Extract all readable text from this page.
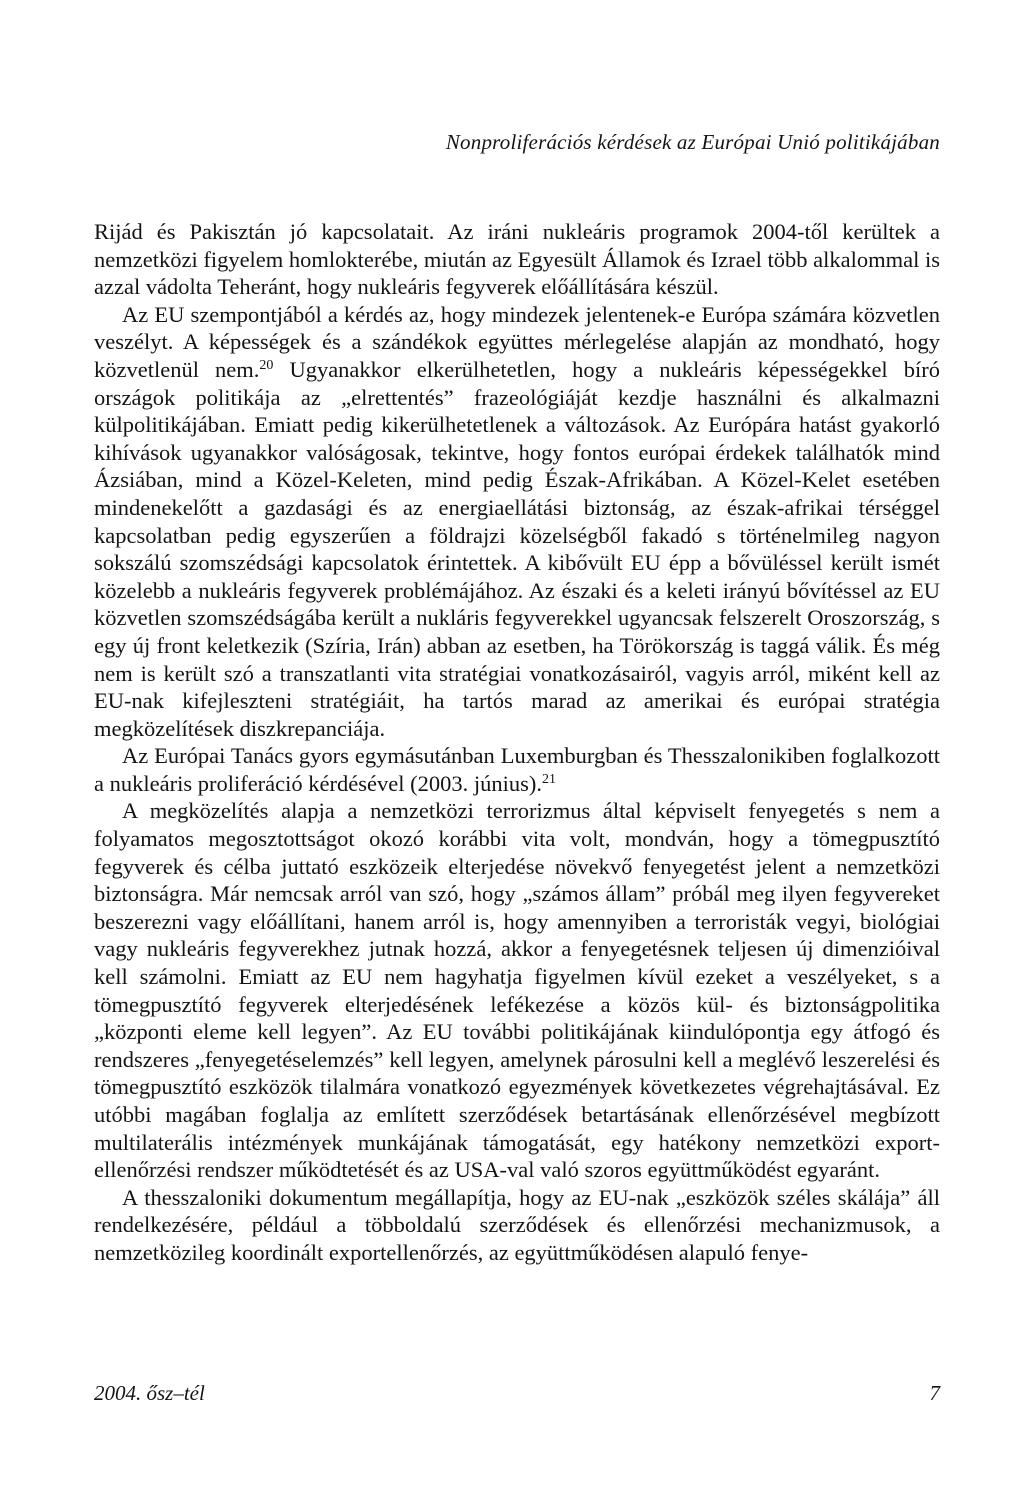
Nonproliferációs kérdések az Európai Unió politikájában

Rijád és Pakisztán jó kapcsolatait. Az iráni nukleáris programok 2004-től kerültek a nemzetközi figyelem homlokterébe, miután az Egyesült Államok és Izrael több alkalommal is azzal vádolta Teheránt, hogy nukleáris fegyverek előállítására készül.

Az EU szempontjából a kérdés az, hogy mindezek jelentenek-e Európa számára közvetlen veszélyt. A képességek és a szándékok együttes mérlegelése alapján az mondható, hogy közvetlenül nem.$^{20}$ Ugyanakkor elkerülhetetlen, hogy a nukleáris képességekkel bíró országok politikája az „elrettentés” frazeológiáját kezdje használni és alkalmazni külpolitikájában. Emiatt pedig kikerülhetetlenek a változások. Az Európára hatást gyakorló kihívások ugyanakkor valóságosak, tekintve, hogy fontos európai érdekek találhatók mind Ázsiában, mind a Közel-Keleten, mind pedig Észak-Afrikában. A Közel-Kelet esetében mindenekelőtt a gazdasági és az energiaellátási biztonság, az észak-afrikai térséggel kapcsolatban pedig egyszerűen a földrajzi közelségből fakadó s történelmileg nagyon sokszálú szomszédsági kapcsolatok érintettek. A kibővült EU épp a bővüléssel került ismét közelebb a nukleáris fegyverek problémájához. Az északi és a keleti irányú bővítéssel az EU közvetlen szomszédságába került a nukláris fegyverekkel ugyancsak felszerelt Oroszország, s egy új front keletkezik (Szíria, Irán) abban az esetben, ha Törökország is taggá válik. És még nem is került szó a transzatlanti vita stratégiai vonatkozásairól, vagyis arról, miként kell az EU-nak kifejleszteni stratégiáit, ha tartós marad az amerikai és európai stratégia megközelítések diszkrepanciája.

Az Európai Tanács gyors egymásutánban Luxemburgban és Thesszalonikiben foglalkozott a nukleáris proliferáció kérdésével (2003. június).$^{21}$

A megközelítés alapja a nemzetközi terrorizmus által képviselt fenyegetés s nem a folyamatos megosztottságot okozó korábbi vita volt, mondván, hogy a tömegpusztító fegyverek és célba juttató eszközeik elterjedése növekvő fenyegetést jelent a nemzetközi biztonságra. Már nemcsak arról van szó, hogy „számos állam” próbál meg ilyen fegyvereket beszerezni vagy előállítani, hanem arról is, hogy amennyiben a terroristák vegyi, biológiai vagy nukleáris fegyverekhez jutnak hozzá, akkor a fenyegetésnek teljesen új dimenzióival kell számolni. Emiatt az EU nem hagyhatja figyelmen kívül ezeket a veszélyeket, s a tömegpusztító fegyverek elterjedésének lefékezése a közös kül- és biztonságpolitika „központi eleme kell legyen”. Az EU további politikájának kiindulópontja egy átfogó és rendszeres „fenyegetéselemzés” kell legyen, amelynek párosulni kell a meglévő leszerelési és tömegpusztító eszközök tilalmára vonatkozó egyezmények következetes végrehajtásával. Ez utóbbi magában foglalja az említett szerződések betartásának ellenőrzésével megbízott multilaterális intézmények munkájának támogatását, egy hatékony nemzetközi export-ellenőrzési rendszer működtetését és az USA-val való szoros együttműködést egyaránt.

A thesszaloniki dokumentum megállapítja, hogy az EU-nak „eszközök széles skálája” áll rendelkezésére, például a többoldalú szerződések és ellenőrzési mechanizmusok, a nemzetközileg koordinált exportellenőrzés, az együttműködésen alapuló fenye-

2004. ősz–tél	7
